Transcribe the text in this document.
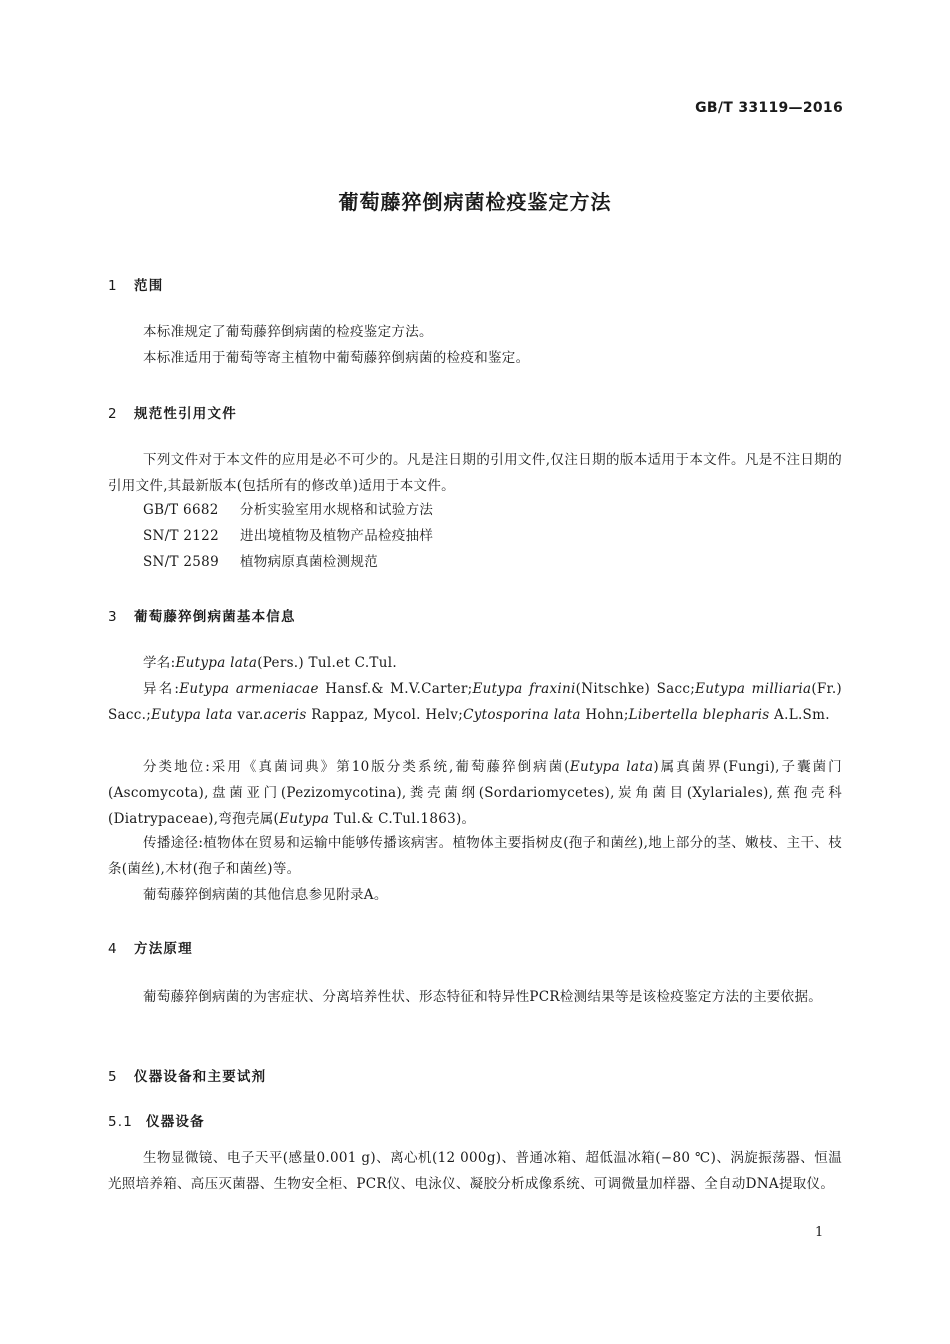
GB/T 33119—2016
葡萄藤猝倒病菌检疫鉴定方法
1 范围
本标准规定了葡萄藤猝倒病菌的检疫鉴定方法。
本标准适用于葡萄等寄主植物中葡萄藤猝倒病菌的检疫和鉴定。
2 规范性引用文件
下列文件对于本文件的应用是必不可少的。凡是注日期的引用文件,仅注日期的版本适用于本文件。凡是不注日期的引用文件,其最新版本(包括所有的修改单)适用于本文件。
GB/T 6682 分析实验室用水规格和试验方法
SN/T 2122 进出境植物及植物产品检疫抽样
SN/T 2589 植物病原真菌检测规范
3 葡萄藤猝倒病菌基本信息
学名:Eutypa lata(Pers.) Tul.et C.Tul.
异名:Eutypa armeniacae Hansf.& M.V.Carter;Eutypa fraxini(Nitschke) Sacc;Eutypa milliaria(Fr.) Sacc.;Eutypa lata var.aceris Rappaz, Mycol. Helv;Cytosporina lata Hohn;Libertella blepharis A.L.Sm.
分类地位:采用《真菌词典》第10版分类系统,葡萄藤猝倒病菌(Eutypa lata)属真菌界(Fungi),子囊菌门(Ascomycota),盘菌亚门(Pezizomycotina),粪壳菌纲(Sordariomycetes),炭角菌目(Xylariales),蕉孢壳科(Diatrypaceae),弯孢壳属(Eutypa Tul.& C.Tul.1863)。
传播途径:植物体在贸易和运输中能够传播该病害。植物体主要指树皮(孢子和菌丝),地上部分的茎、嫩枝、主干、枝条(菌丝),木材(孢子和菌丝)等。
葡萄藤猝倒病菌的其他信息参见附录A。
4 方法原理
葡萄藤猝倒病菌的为害症状、分离培养性状、形态特征和特异性PCR检测结果等是该检疫鉴定方法的主要依据。
5 仪器设备和主要试剂
5.1 仪器设备
生物显微镜、电子天平(感量0.001 g)、离心机(12 000g)、普通冰箱、超低温冰箱(−80 ℃)、涡旋振荡器、恒温光照培养箱、高压灭菌器、生物安全柜、PCR仪、电泳仪、凝胶分析成像系统、可调微量加样器、全自动DNA提取仪。
1
